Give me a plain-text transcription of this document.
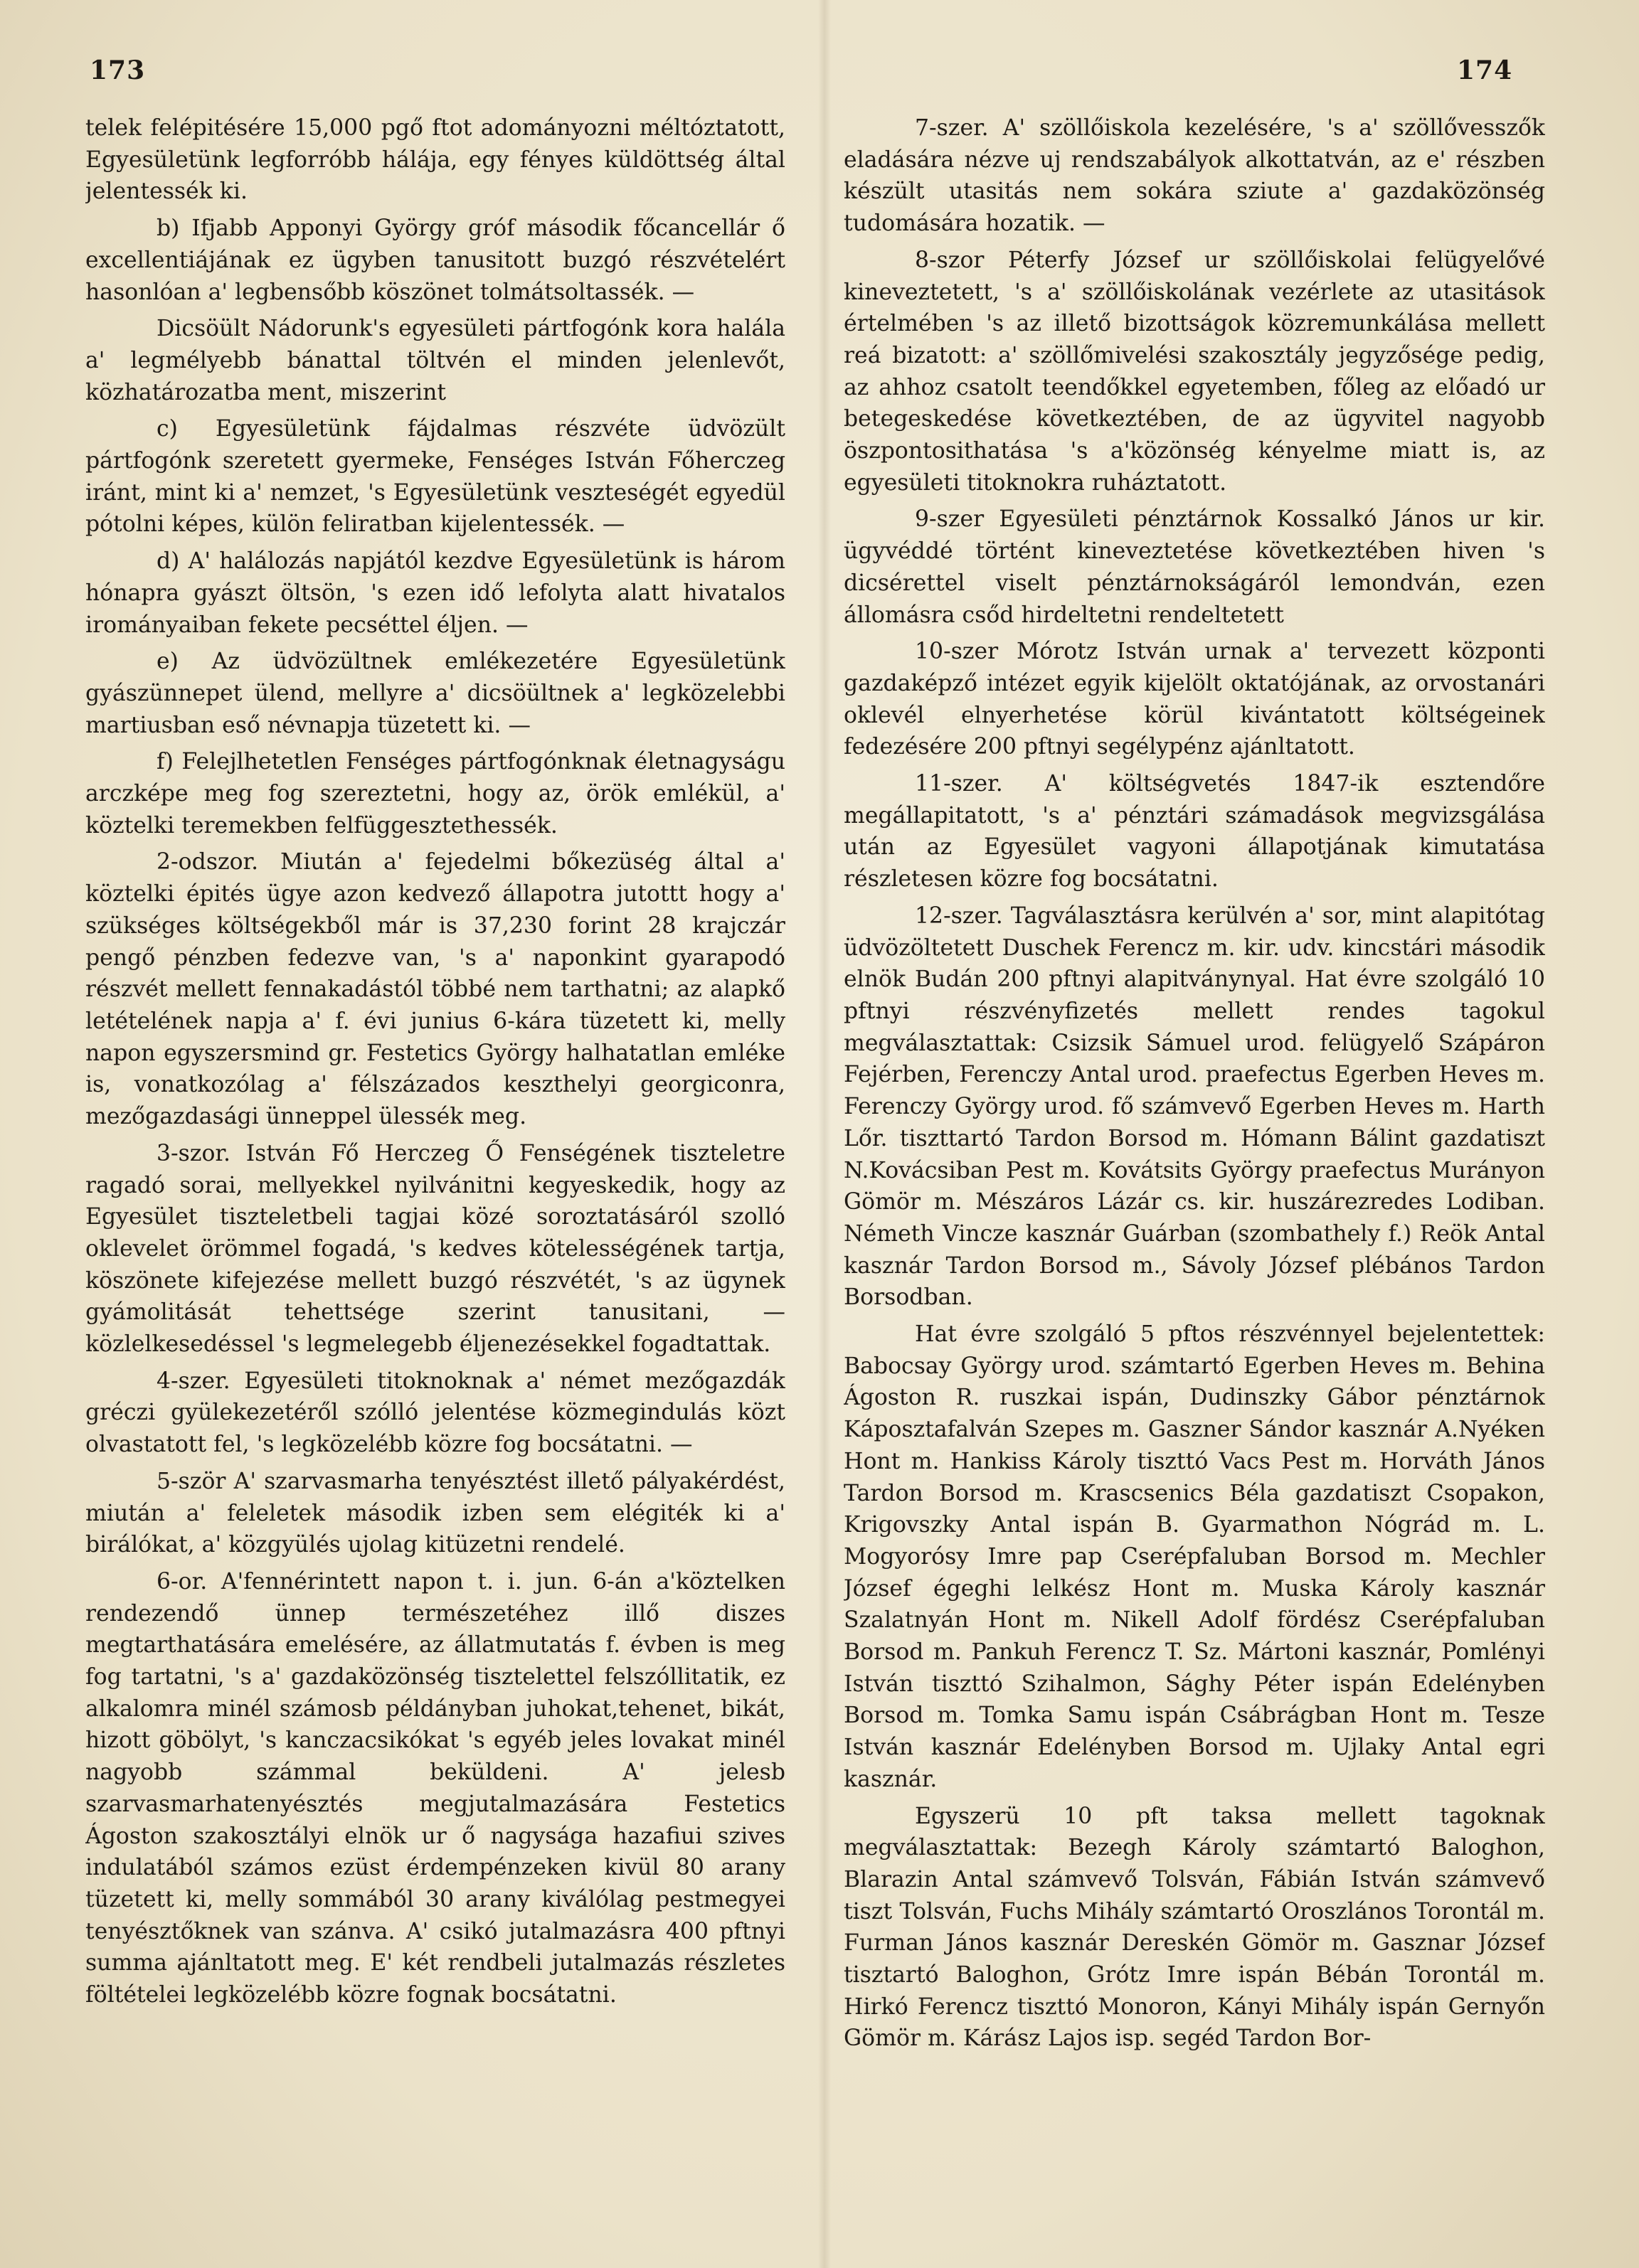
173	174

telek felépitésére 15,000 pgő ftot adományozni méltóztatott, Egyesületünk legforróbb hálája, egy fényes küldöttség által jelentessék ki.

b) Ifjabb Apponyi György gróf második főcancellár ő excellentiájának ez ügyben tanusitott buzgó részvételért hasonlóan a' legbensőbb köszönet tolmátsoltassék. —

Dicsöült Nádorunk's egyesületi pártfogónk kora halála a' legmélyebb bánattal töltvén el minden jelenlevőt, közhatározatba ment, miszerint

c) Egyesületünk fájdalmas részvéte üdvözült pártfogónk szeretett gyermeke, Fenséges István Főherczeg iránt, mint ki a' nemzet, 's Egyesületünk veszteségét egyedül pótolni képes, külön feliratban kijelentessék. —

d) A' halálozás napjától kezdve Egyesületünk is három hónapra gyászt öltsön, 's ezen idő lefolyta alatt hivatalos irományaiban fekete pecséttel éljen. —

e) Az üdvözültnek emlékezetére Egyesületünk gyászünnepet ülend, mellyre a' dicsöültnek a' legközelebbi martiusban eső névnapja tüzetett ki. —

f) Felejlhetetlen Fenséges pártfogónknak életnagyságu arczképe meg fog szereztetni, hogy az, örök emlékül, a' köztelki teremekben felfüggesztethessék.

2-odszor. Miután a' fejedelmi bőkezüség által a' köztelki épités ügye azon kedvező állapotra jutottt hogy a' szükséges költségekből már is 37,230 forint 28 krajczár pengő pénzben fedezve van, 's a' naponkint gyarapodó részvét mellett fennakadástól többé nem tarthatni; az alapkő letételének napja a' f. évi junius 6-kára tüzetett ki, melly napon egyszersmind gr. Festetics György halhatatlan emléke is, vonatkozólag a' félszázados keszthelyi georgiconra, mezőgazdasági ünneppel ülessék meg.

3-szor. István Fő Herczeg Ő Fenségének tiszteletre ragadó sorai, mellyekkel nyilvánitni kegyeskedik, hogy az Egyesület tiszteletbeli tagjai közé soroztatásáról szolló oklevelet örömmel fogadá, 's kedves kötelességének tartja, köszönete kifejezése mellett buzgó részvétét, 's az ügynek gyámolitását tehettsége szerint tanusitani, — közlelkesedéssel 's legmelegebb éljenezésekkel fogadtattak.

4-szer. Egyesületi titoknoknak a' német mezőgazdák gréczi gyülekezetéről szólló jelentése közmegindulás közt olvastatott fel, 's legközelébb közre fog bocsátatni. —

5-ször A' szarvasmarha tenyésztést illető pályakérdést, miután a' feleletek második izben sem elégiték ki a' birálókat, a' közgyülés ujolag kitüzetni rendelé.

6-or. A'fennérintett napon t. i. jun. 6-án a'köztelken rendezendő ünnep természetéhez illő diszes megtarthatására emelésére, az állatmutatás f. évben is meg fog tartatni, 's a' gazdaközönség tisztelettel felszóllitatik, ez alkalomra minél számosb példányban juhokat,tehenet, bikát, hizott göbölyt, 's kanczacsikókat 's egyéb jeles lovakat minél nagyobb számmal beküldeni. A' jelesb szarvasmarhatenyésztés megjutalmazására Festetics Ágoston szakosztályi elnök ur ő nagysága hazafiui szives indulatából számos ezüst érdempénzeken kivül 80 arany tüzetett ki, melly sommából 30 arany kiválólag pestmegyei tenyésztőknek van szánva. A' csikó jutalmazásra 400 pftnyi summa ajánltatott meg. E' két rendbeli jutalmazás részletes föltételei legközelébb közre fognak bocsátatni.

7-szer. A' szöllőiskola kezelésére, 's a' szöllővesszők eladására nézve uj rendszabályok alkottatván, az e' részben készült utasitás nem sokára sziute a' gazdaközönség tudomására hozatik. —

8-szor Péterfy József ur szöllőiskolai felügyelővé kineveztetett, 's a' szöllőiskolának vezérlete az utasitások értelmében 's az illető bizottságok közremunkálása mellett reá bizatott: a' szöllőmivelési szakosztály jegyzősége pedig, az ahhoz csatolt teendőkkel egyetemben, főleg az előadó ur betegeskedése következtében, de az ügyvitel nagyobb öszpontosithatása 's a'közönség kényelme miatt is, az egyesületi titoknokra ruháztatott.

9-szer Egyesületi pénztárnok Kossalkó János ur kir. ügyvéddé történt kineveztetése következtében hiven 's dicsérettel viselt pénztárnokságáról lemondván, ezen állomásra csőd hirdeltetni rendeltetett

10-szer Mórotz István urnak a' tervezett központi gazdaképző intézet egyik kijelölt oktatójának, az orvostanári oklevél elnyerhetése körül kivántatott költségeinek fedezésére 200 pftnyi segélypénz ajánltatott.

11-szer. A' költségvetés 1847-ik esztendőre megállapitatott, 's a' pénztári számadások megvizsgálása után az Egyesület vagyoni állapotjának kimutatása részletesen közre fog bocsátatni.

12-szer. Tagválasztásra kerülvén a' sor, mint alapitótag üdvözöltetett Duschek Ferencz m. kir. udv. kincstári második elnök Budán 200 pftnyi alapitványnyal. Hat évre szolgáló 10 pftnyi részvényfizetés mellett rendes tagokul megválasztattak: Csizsik Sámuel urod. felügyelő Szápáron Fejérben, Ferenczy Antal urod. praefectus Egerben Heves m. Ferenczy György urod. fő számvevő Egerben Heves m. Harth Lőr. tiszttartó Tardon Borsod m. Hómann Bálint gazdatiszt N.Kovácsiban Pest m. Kovátsits György praefectus Murányon Gömör m. Mészáros Lázár cs. kir. huszárezredes Lodiban. Németh Vincze kasznár Guárban (szombathely f.) Reök Antal kasznár Tardon Borsod m., Sávoly József plébános Tardon Borsodban.

Hat évre szolgáló 5 pftos részvénnyel bejelentettek: Babocsay György urod. számtartó Egerben Heves m. Behina Ágoston R. ruszkai ispán, Dudinszky Gábor pénztárnok Káposztafalván Szepes m. Gaszner Sándor kasznár A.Nyéken Hont m. Hankiss Károly tiszttó Vacs Pest m. Horváth János Tardon Borsod m. Krascsenics Béla gazdatiszt Csopakon, Krigovszky Antal ispán B. Gyarmathon Nógrád m. L. Mogyorósy Imre pap Cserépfaluban Borsod m. Mechler József égeghi lelkész Hont m. Muska Károly kasznár Szalatnyán Hont m. Nikell Adolf fördész Cserépfaluban Borsod m. Pankuh Ferencz T. Sz. Mártoni kasznár, Pomlényi István tiszttó Szihalmon, Sághy Péter ispán Edelényben Borsod m. Tomka Samu ispán Csábrágban Hont m. Tesze István kasznár Edelényben Borsod m. Ujlaky Antal egri kasznár.

Egyszerü 10 pft taksa mellett tagoknak megválasztattak: Bezegh Károly számtartó Baloghon, Blarazin Antal számvevő Tolsván, Fábián István számvevő tiszt Tolsván, Fuchs Mihály számtartó Oroszlános Torontál m. Furman János kasznár Dereskén Gömör m. Gasznar József tisztartó Baloghon, Grótz Imre ispán Bébán Torontál m. Hirkó Ferencz tiszttó Monoron, Kányi Mihály ispán Gernyőn Gömör m. Kárász Lajos isp. segéd Tardon Bor-
